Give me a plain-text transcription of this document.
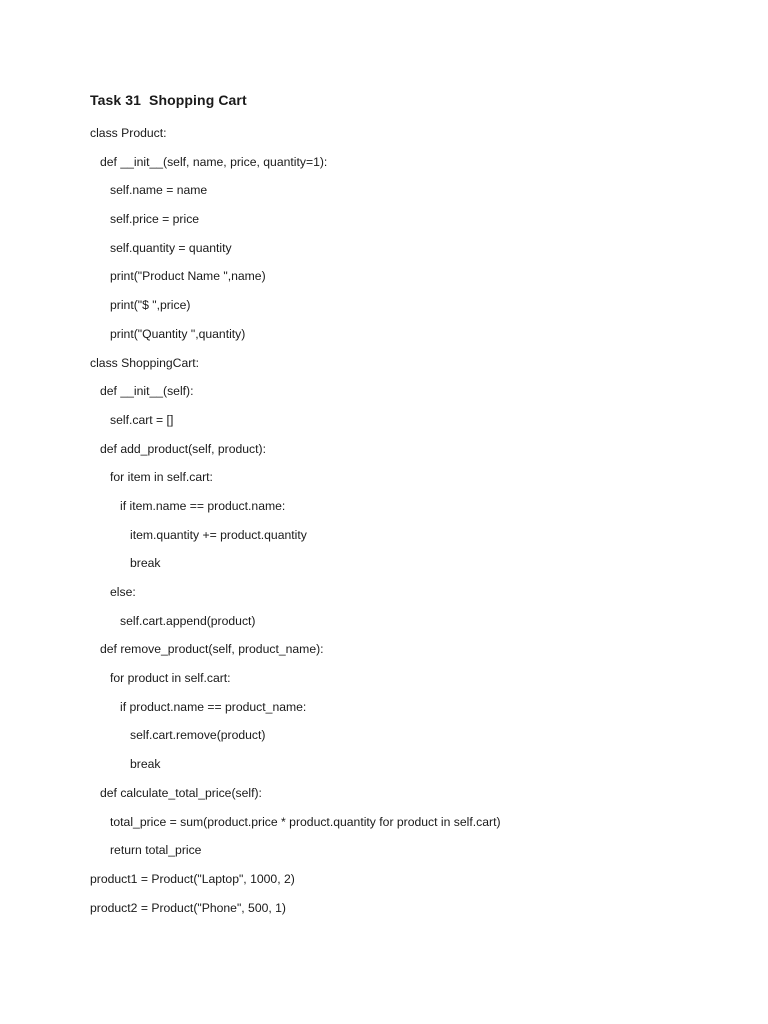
Task 31  Shopping Cart
class Product:
def __init__(self, name, price, quantity=1):
self.name = name
self.price = price
self.quantity = quantity
print("Product Name ",name)
print("$ ",price)
print("Quantity ",quantity)
class ShoppingCart:
def __init__(self):
self.cart = []
def add_product(self, product):
for item in self.cart:
if item.name == product.name:
item.quantity += product.quantity
break
else:
self.cart.append(product)
def remove_product(self, product_name):
for product in self.cart:
if product.name == product_name:
self.cart.remove(product)
break
def calculate_total_price(self):
total_price = sum(product.price * product.quantity for product in self.cart)
return total_price
product1 = Product("Laptop", 1000, 2)
product2 = Product("Phone", 500, 1)
